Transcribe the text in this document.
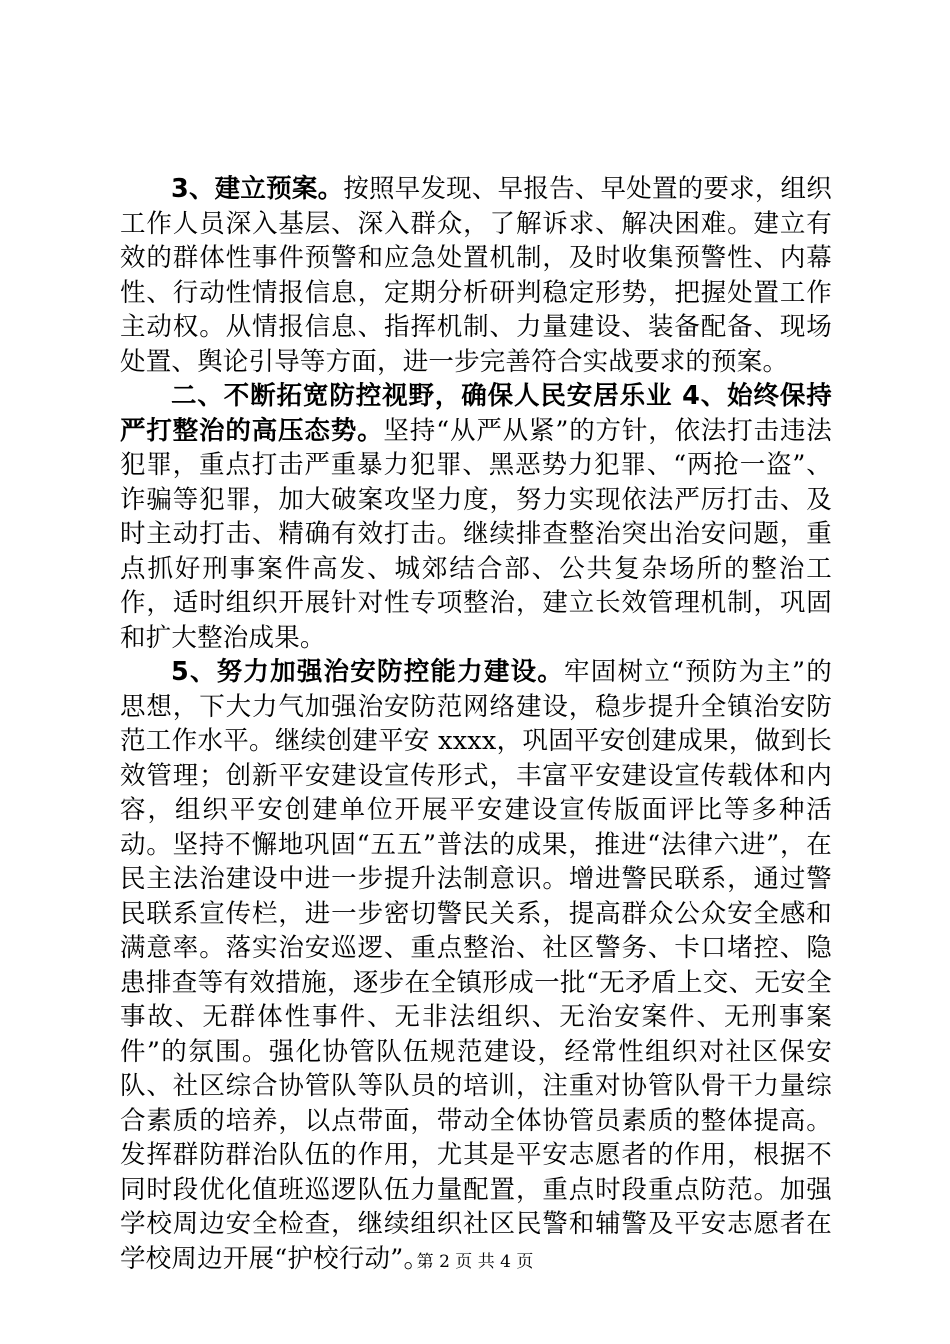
3、建立预案。按照早发现、早报告、早处置的要求，组织工作人员深入基层、深入群众，了解诉求、解决困难。建立有效的群体性事件预警和应急处置机制，及时收集预警性、内幕性、行动性情报信息，定期分析研判稳定形势，把握处置工作主动权。从情报信息、指挥机制、力量建设、装备配备、现场处置、舆论引导等方面，进一步完善符合实战要求的预案。

二、不断拓宽防控视野，确保人民安居乐业 4、始终保持严打整治的高压态势。坚持“从严从紧”的方针，依法打击违法犯罪，重点打击严重暴力犯罪、黑恶势力犯罪、“两抢一盗”、诈骗等犯罪，加大破案攻坚力度，努力实现依法严厉打击、及时主动打击、精确有效打击。继续排查整治突出治安问题，重点抓好刑事案件高发、城郊结合部、公共复杂场所的整治工作，适时组织开展针对性专项整治，建立长效管理机制，巩固和扩大整治成果。

5、努力加强治安防控能力建设。牢固树立“预防为主”的思想，下大力气加强治安防范网络建设，稳步提升全镇治安防范工作水平。继续创建平安 xxxx，巩固平安创建成果，做到长效管理；创新平安建设宣传形式，丰富平安建设宣传载体和内容，组织平安创建单位开展平安建设宣传版面评比等多种活动。坚持不懈地巩固“五五”普法的成果，推进“法律六进”，在民主法治建设中进一步提升法制意识。增进警民联系，通过警民联系宣传栏，进一步密切警民关系，提高群众公众安全感和满意率。落实治安巡逻、重点整治、社区警务、卡口堵控、隐患排查等有效措施，逐步在全镇形成一批“无矛盾上交、无安全事故、无群体性事件、无非法组织、无治安案件、无刑事案件”的氛围。强化协管队伍规范建设，经常性组织对社区保安队、社区综合协管队等队员的培训，注重对协管队骨干力量综合素质的培养，以点带面，带动全体协管员素质的整体提高。发挥群防群治队伍的作用，尤其是平安志愿者的作用，根据不同时段优化值班巡逻队伍力量配置，重点时段重点防范。加强学校周边安全检查，继续组织社区民警和辅警及平安志愿者在学校周边开展“护校行动”。

第 2 页 共 4 页
